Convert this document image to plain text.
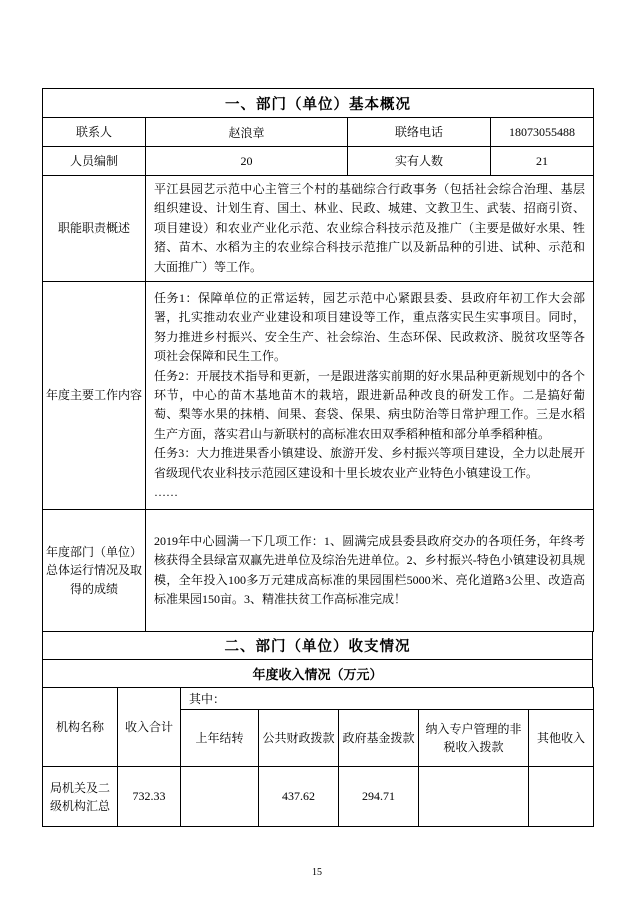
一、部门（单位）基本概况			
联系人	赵浪章	联络电话	18073055488
人员编制	20	实有人数	21
职能职责概述	平江县园艺示范中心主管三个村的基础综合行政事务（包括社会综合治理、基层组织建设、计划生育、国土、林业、民政、城建、文教卫生、武装、招商引资、项目建设）和农业产业化示范、农业综合科技示范及推广（主要是做好水果、牲猪、苗木、水稻为主的农业综合科技示范推广以及新品种的引进、试种、示范和大面推广）等工作。

年度主要工作内容	任务1：保障单位的正常运转，园艺示范中心紧跟县委、县政府年初工作大会部署，扎实推动农业产业建设和项目建设等工作，重点落实民生实事项目。同时，努力推进乡村振兴、安全生产、社会综治、生态环保、民政救济、脱贫攻坚等各项社会保障和民生工作。

任务2：开展技术指导和更新，一是跟进落实前期的好水果品种更新规划中的各个环节，中心的苗木基地苗木的栽培，跟进新品种改良的研发工作。二是搞好葡萄、梨等水果的抹梢、间果、套袋、保果、病虫防治等日常护理工作。三是水稻生产方面，落实君山与新联村的高标准农田双季稻种植和部分单季稻种植。

任务3：大力推进果香小镇建设、旅游开发、乡村振兴等项目建设，全力以赴展开省级现代农业科技示范园区建设和十里长坡农业产业特色小镇建设工作。

……

年度部门（单位）总体运行情况及取得的成绩	2019年中心圆满一下几项工作：1、圆满完成县委县政府交办的各项任务，年终考核获得全县绿富双赢先进单位及综治先进单位。2、乡村振兴-特色小镇建设初具规模，全年投入100多万元建成高标准的果园围栏5000米、亮化道路3公里、改造高标准果园150亩。3、精准扶贫工作高标准完成！

二、部门（单位）收支情况
年度收入情况（万元）
机构名称	收入合计	其中：				
		上年结转	公共财政拨款	政府基金拨款	纳入专户管理的非税收入拨款	其他收入
局机关及二级机构汇总	732.33		437.62	294.71		
15
